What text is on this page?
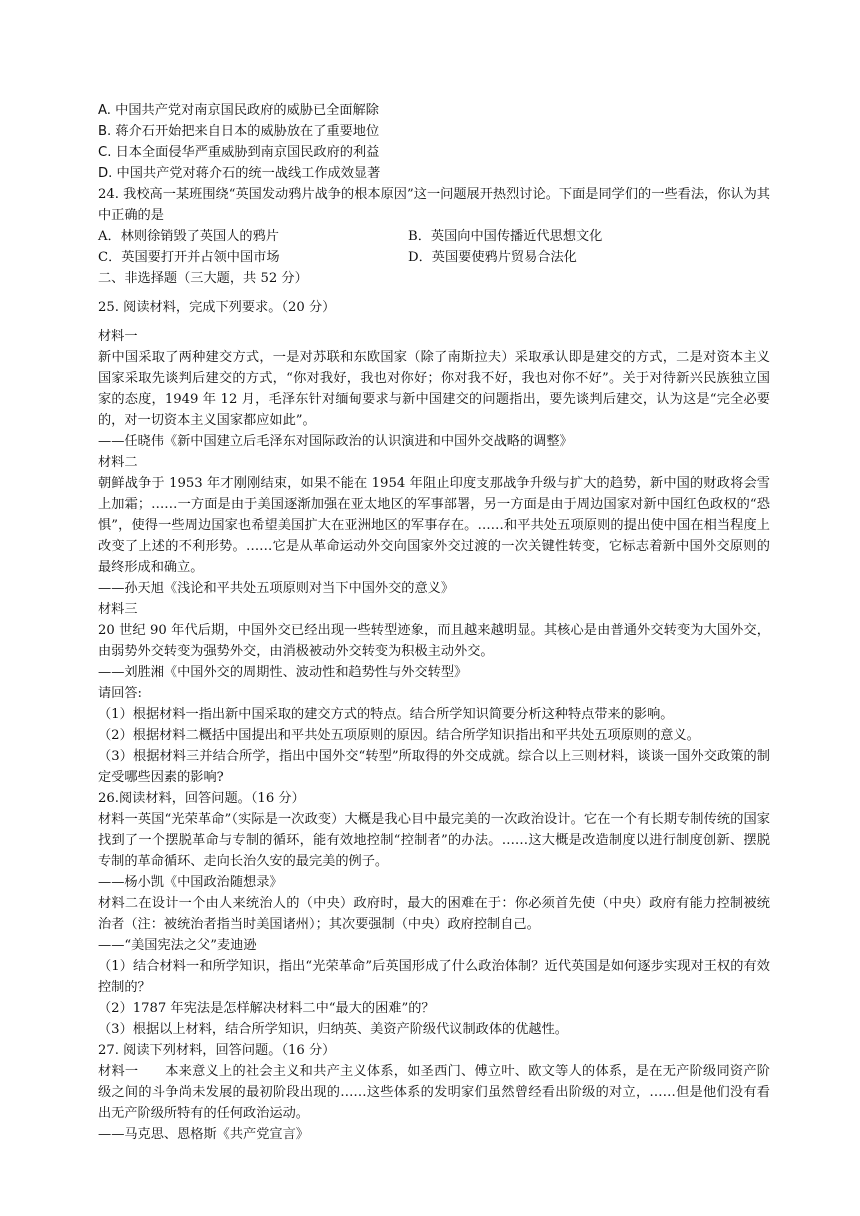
A. 中国共产党对南京国民政府的威胁已全面解除
B. 蒋介石开始把来自日本的威胁放在了重要地位
C. 日本全面侵华严重威胁到南京国民政府的利益
D. 中国共产党对蒋介石的统一战线工作成效显著
24. 我校高一某班围绕“英国发动鸦片战争的根本原因”这一问题展开热烈讨论。下面是同学们的一些看法，你认为其中正确的是
A．林则徐销毁了英国人的鸦片	B．英国向中国传播近代思想文化
C．英国要打开并占领中国市场	D．英国要使鸦片贸易合法化
二、非选择题（三大题，共 52 分）
25. 阅读材料，完成下列要求。（20 分）
材料一
新中国采取了两种建交方式，一是对苏联和东欧国家（除了南斯拉夫）采取承认即是建交的方式，二是对资本主义国家采取先谈判后建交的方式，“你对我好，我也对你好；你对我不好，我也对你不好”。关于对待新兴民族独立国家的态度，1949 年 12 月，毛泽东针对缅甸要求与新中国建交的问题指出，要先谈判后建交，认为这是“完全必要的，对一切资本主义国家都应如此”。
——任晓伟《新中国建立后毛泽东对国际政治的认识演进和中国外交战略的调整》
材料二
朝鲜战争于 1953 年才刚刚结束，如果不能在 1954 年阻止印度支那战争升级与扩大的趋势，新中国的财政将会雪上加霜；……一方面是由于美国逐渐加强在亚太地区的军事部署，另一方面是由于周边国家对新中国红色政权的“恐惧”，使得一些周边国家也希望美国扩大在亚洲地区的军事存在。……和平共处五项原则的提出使中国在相当程度上改变了上述的不利形势。……它是从革命运动外交向国家外交过渡的一次关键性转变，它标志着新中国外交原则的最终形成和确立。
——孙天旭《浅论和平共处五项原则对当下中国外交的意义》
材料三
20 世纪 90 年代后期，中国外交已经出现一些转型迹象，而且越来越明显。其核心是由普通外交转变为大国外交，由弱势外交转变为强势外交，由消极被动外交转变为积极主动外交。
——刘胜湘《中国外交的周期性、波动性和趋势性与外交转型》
请回答:
（1）根据材料一指出新中国采取的建交方式的特点。结合所学知识简要分析这种特点带来的影响。
（2）根据材料二概括中国提出和平共处五项原则的原因。结合所学知识指出和平共处五项原则的意义。
（3）根据材料三并结合所学，指出中国外交“转型”所取得的外交成就。综合以上三则材料，谈谈一国外交政策的制定受哪些因素的影响?
26.阅读材料，回答问题。（16 分）
材料一英国“光荣革命”（实际是一次政变）大概是我心目中最完美的一次政治设计。它在一个有长期专制传统的国家找到了一个摆脱革命与专制的循环，能有效地控制“控制者”的办法。……这大概是改造制度以进行制度创新、摆脱专制的革命循环、走向长治久安的最完美的例子。
——杨小凯《中国政治随想录》
材料二在设计一个由人来统治人的（中央）政府时，最大的困难在于：你必须首先使（中央）政府有能力控制被统治者（注：被统治者指当时美国诸州）；其次要强制（中央）政府控制自己。
——“美国宪法之父”麦迪逊
（1）结合材料一和所学知识，指出“光荣革命”后英国形成了什么政治体制？近代英国是如何逐步实现对王权的有效控制的？
（2）1787 年宪法是怎样解决材料二中“最大的困难”的？
（3）根据以上材料，结合所学知识，归纳英、美资产阶级代议制政体的优越性。
27. 阅读下列材料，回答问题。（16 分）
材料一　　本来意义上的社会主义和共产主义体系，如圣西门、傅立叶、欧文等人的体系，是在无产阶级同资产阶级之间的斗争尚未发展的最初阶段出现的……这些体系的发明家们虽然曾经看出阶级的对立，……但是他们没有看出无产阶级所特有的任何政治运动。
——马克思、恩格斯《共产党宣言》
